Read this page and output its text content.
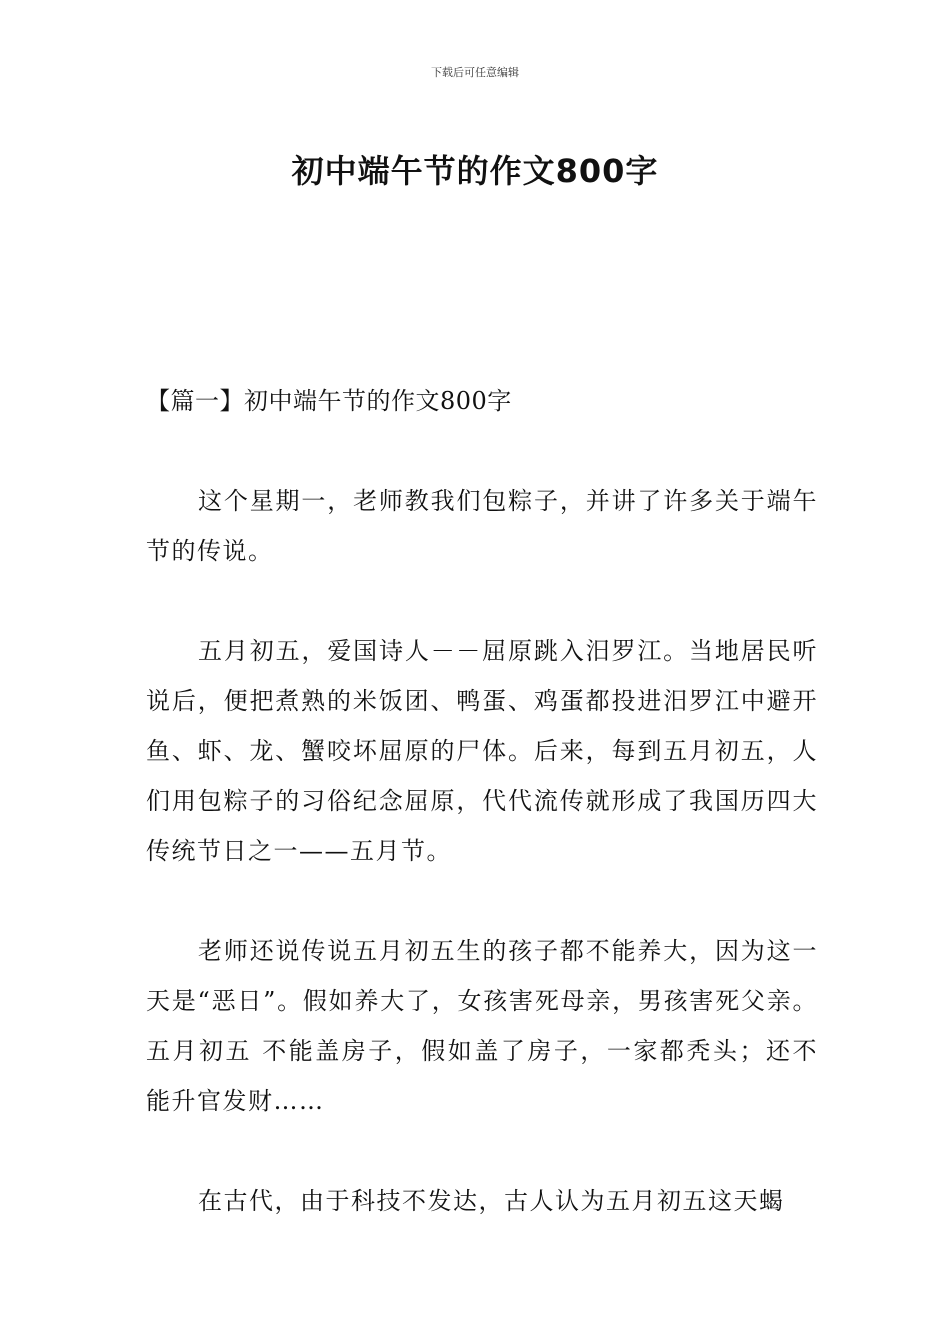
下载后可任意编辑
初中端午节的作文800字
【篇一】初中端午节的作文800字

这个星期一，老师教我们包粽子，并讲了许多关于端午节的传说。

五月初五，爱国诗人－－屈原跳入汨罗江。当地居民听说后，便把煮熟的米饭团、鸭蛋、鸡蛋都投进汨罗江中避开鱼、虾、龙、蟹咬坏屈原的尸体。后来，每到五月初五，人们用包粽子的习俗纪念屈原，代代流传就形成了我国历四大传统节日之一——五月节。

老师还说传说五月初五生的孩子都不能养大，因为这一天是“恶日”。假如养大了，女孩害死母亲，男孩害死父亲。五月初五 不能盖房子，假如盖了房子，一家都秃头；还不能升官发财……

在古代，由于科技不发达，古人认为五月初五这天蝎
